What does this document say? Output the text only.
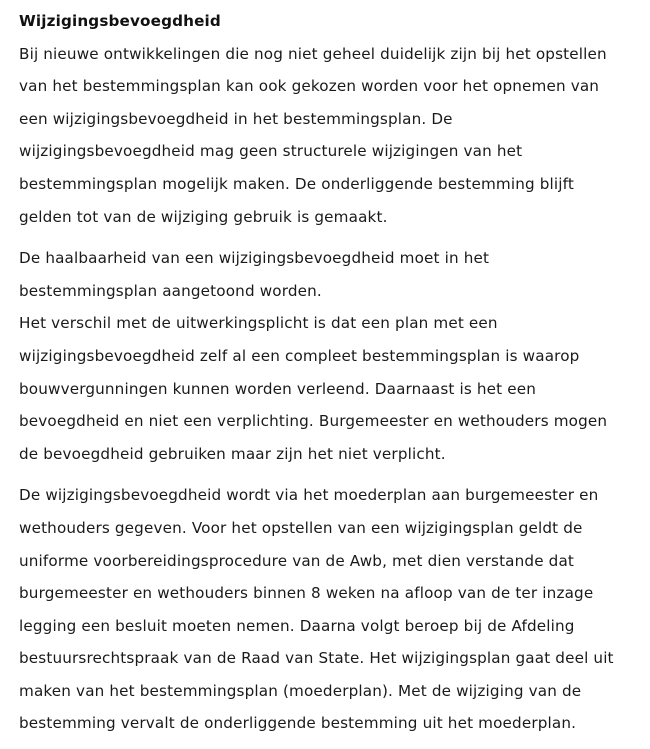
Wijzigingsbevoegdheid

Bij nieuwe ontwikkelingen die nog niet geheel duidelijk zijn bij het opstellen
van het bestemmingsplan kan ook gekozen worden voor het opnemen van
een wijzigingsbevoegdheid in het bestemmingsplan. De
wijzigingsbevoegdheid mag geen structurele wijzigingen van het
bestemmingsplan mogelijk maken. De onderliggende bestemming blijft
gelden tot van de wijziging gebruik is gemaakt.

De haalbaarheid van een wijzigingsbevoegdheid moet in het
bestemmingsplan aangetoond worden.
Het verschil met de uitwerkingsplicht is dat een plan met een
wijzigingsbevoegdheid zelf al een compleet bestemmingsplan is waarop
bouwvergunningen kunnen worden verleend. Daarnaast is het een
bevoegdheid en niet een verplichting. Burgemeester en wethouders mogen
de bevoegdheid gebruiken maar zijn het niet verplicht.

De wijzigingsbevoegdheid wordt via het moederplan aan burgemeester en
wethouders gegeven. Voor het opstellen van een wijzigingsplan geldt de
uniforme voorbereidingsprocedure van de Awb, met dien verstande dat
burgemeester en wethouders binnen 8 weken na afloop van de ter inzage
legging een besluit moeten nemen. Daarna volgt beroep bij de Afdeling
bestuursrechtspraak van de Raad van State. Het wijzigingsplan gaat deel uit
maken van het bestemmingsplan (moederplan). Met de wijziging van de
bestemming vervalt de onderliggende bestemming uit het moederplan.
